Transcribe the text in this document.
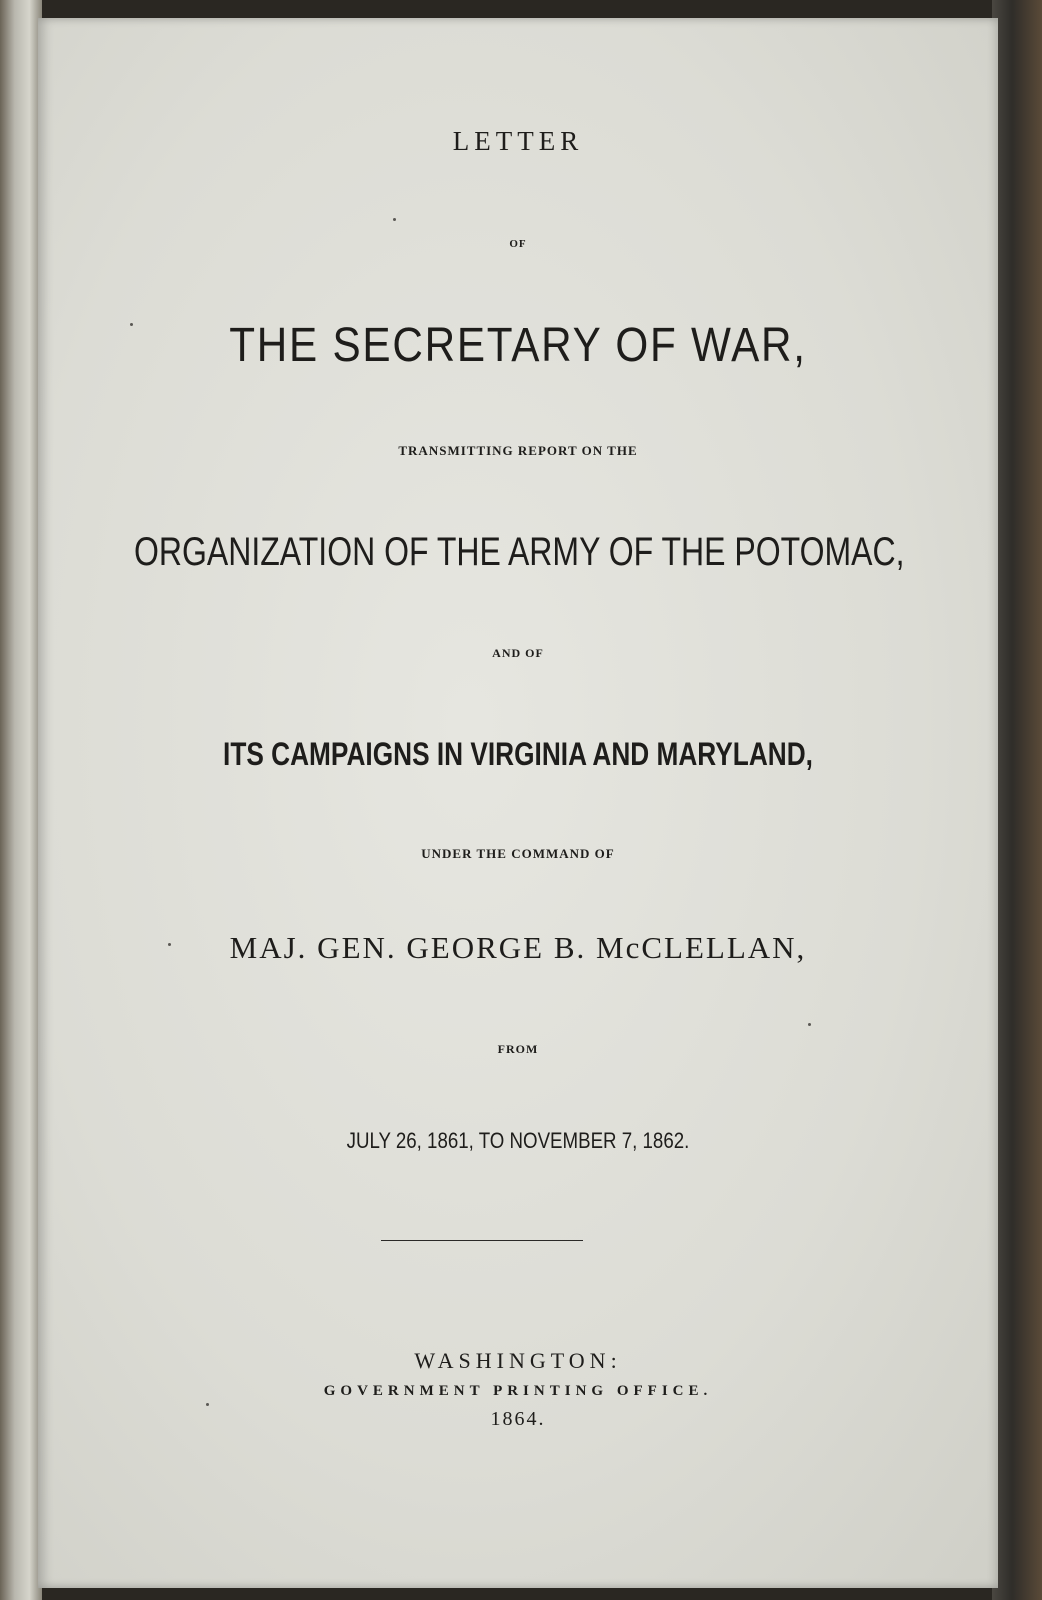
LETTER
OF
THE SECRETARY OF WAR,
TRANSMITTING REPORT ON THE
ORGANIZATION OF THE ARMY OF THE POTOMAC,
AND OF
ITS CAMPAIGNS IN VIRGINIA AND MARYLAND,
UNDER THE COMMAND OF
MAJ. GEN. GEORGE B. McCLELLAN,
FROM
JULY 26, 1861, TO NOVEMBER 7, 1862.
WASHINGTON:
GOVERNMENT PRINTING OFFICE.
1864.
